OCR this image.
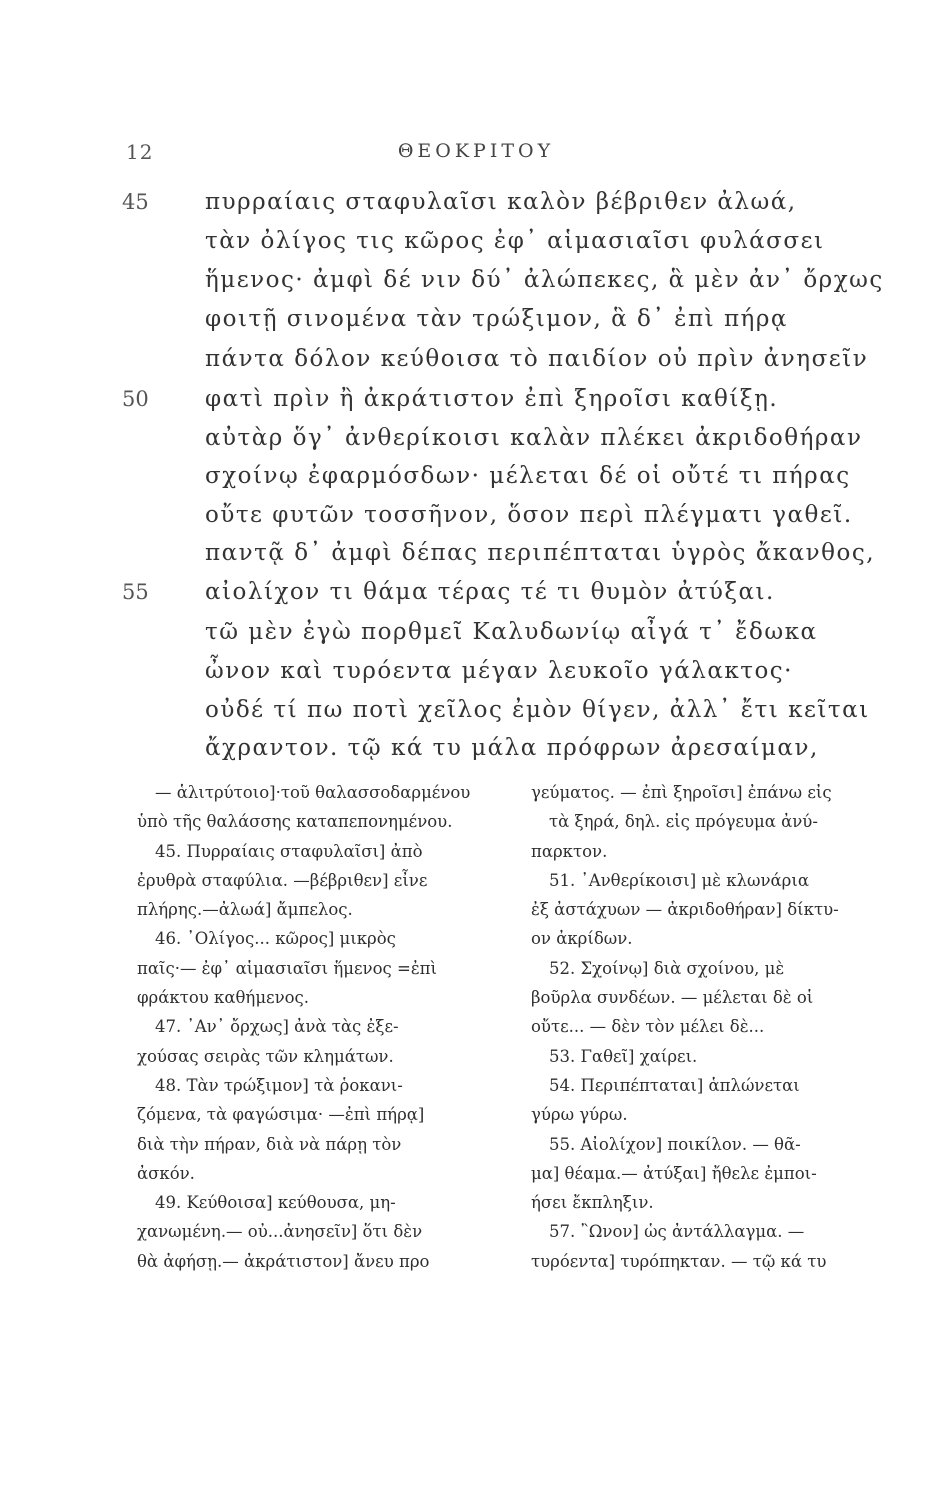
12	ΘΕΟΚΡΙΤΟΥ
45
50
55
πυρραίαις σταφυλαῖσι καλὸν βέβριθεν ἀλωά,
τὰν ὀλίγος τις κῶρος ἐφ᾿ αἱμασιαῖσι φυλάσσει
ἥμενος· ἀμφὶ δέ νιν δύ᾿ ἀλώπεκες, ἃ μὲν ἀν᾿ ὄρχως
φοιτῇ σινομένα τὰν τρώξιμον, ἃ δ᾿ ἐπὶ πήρᾳ
πάντα δόλον κεύθοισα τὸ παιδίον οὐ πρὶν ἀνησεῖν
φατὶ πρὶν ἢ ἀκράτιστον ἐπὶ ξηροῖσι καθίξῃ.
αὐτὰρ ὅγ᾿ ἀνθερίκοισι καλὰν πλέκει ἀκριδοθήραν
σχοίνῳ ἐφαρμόσδων· μέλεται δέ οἱ οὔτέ τι πήρας
οὔτε φυτῶν τοσσῆνον, ὅσον περὶ πλέγματι γαθεῖ.
παντᾷ δ᾿ ἀμφὶ δέπας περιπέπταται ὑγρὸς ἄκανθος,
αἰολίχον τι θάμα τέρας τέ τι θυμὸν ἀτύξαι.
τῶ μὲν ἐγὼ πορθμεῖ Καλυδωνίῳ αἶγά τ᾿ ἔδωκα
ὦνον καὶ τυρόεντα μέγαν λευκοῖο γάλακτος·
οὐδέ τί πω ποτὶ χεῖλος ἐμὸν θίγεν, ἀλλ᾿ ἔτι κεῖται
ἄχραντον. τῷ κά τυ μάλα πρόφρων ἀρεσαίμαν,
— ἁλιτρύτοιο]·τοῦ θαλασσοδαρμένου
ὑπὸ τῆς θαλάσσης καταπεπονημένου.
45. Πυρραίαις σταφυλαῖσι] ἀπὸ
ἐρυθρὰ σταφύλια. —βέβριθεν] εἶνε
πλήρης.—ἀλωά] ἄμπελος.
46. ᾿Ολίγος... κῶρος] μικρὸς
παῖς·— ἐφ᾿ αἱμασιαῖσι ἥμενος =ἐπὶ
φράκτου καθήμενος.
47. ᾿Αν᾿ ὄρχως] ἀνὰ τὰς ἐξε-
χούσας σειρὰς τῶν κλημάτων.
48. Τὰν τρώξιμον] τὰ ῥοκανι-
ζόμενα, τὰ φαγώσιμα· —ἐπὶ πήρᾳ]
διὰ τὴν πήραν, διὰ νὰ πάρῃ τὸν
ἀσκόν.
49. Κεύθοισα] κεύθουσα, μη-
χανωμένη.— οὐ...ἀνησεῖν] ὅτι δὲν
θὰ ἀφήσῃ.— ἀκράτιστον] ἄνευ προ
γεύματος. — ἐπὶ ξηροῖσι] ἐπάνω εἰς
τὰ ξηρά, δηλ. εἰς πρόγευμα ἀνύ-
παρκτον.
51. ᾿Ανθερίκοισι] μὲ κλωνάρια
ἐξ ἀστάχυων — ἀκριδοθήραν] δίκτυ-
ον ἀκρίδων.
52. Σχοίνῳ] διὰ σχοίνου, μὲ
βοῦρλα συνδέων. — μέλεται δὲ οἱ
οὔτε... — δὲν τὸν μέλει δὲ...
53. Γαθεῖ] χαίρει.
54. Περιπέπταται] ἁπλώνεται
γύρω γύρω.
55. Αἰολίχον] ποικίλον. — θᾶ-
μα] θέαμα.— ἀτύξαι] ἤθελε ἐμποι-
ήσει ἔκπληξιν.
57. ῍Ωνον] ὡς ἀντάλλαγμα. —
τυρόεντα] τυρόπηκταν. — τῷ κά τυ
